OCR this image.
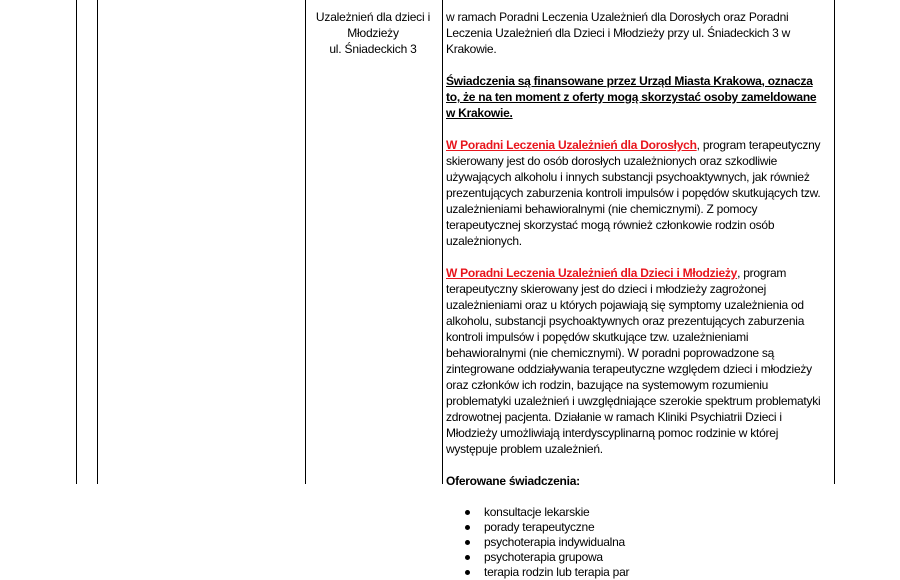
Uzależnień dla dzieci i
Młodzieży
ul. Śniadeckich 3

w ramach Poradni Leczenia Uzależnień dla Dorosłych oraz Poradni Leczenia Uzależnień dla Dzieci i Młodzieży przy ul. Śniadeckich 3 w Krakowie.

Świadczenia są finansowane przez Urząd Miasta Krakowa, oznacza to, że na ten moment z oferty mogą skorzystać osoby zameldowane w Krakowie.

W Poradni Leczenia Uzależnień dla Dorosłych, program terapeutyczny skierowany jest do osób dorosłych uzależnionych oraz szkodliwie używających alkoholu i innych substancji psychoaktywnych, jak również prezentujących zaburzenia kontroli impulsów i popędów skutkujących tzw. uzależnieniami behawioralnymi (nie chemicznymi). Z pomocy terapeutycznej skorzystać mogą również członkowie rodzin osób uzależnionych.

W Poradni Leczenia Uzależnień dla Dzieci i Młodzieży, program terapeutyczny skierowany jest do dzieci i młodzieży zagrożonej uzależnieniami oraz u których pojawiają się symptomy uzależnienia od alkoholu, substancji psychoaktywnych oraz prezentujących zaburzenia kontroli impulsów i popędów skutkujące tzw. uzależnieniami behawioralnymi (nie chemicznymi). W poradni poprowadzone są zintegrowane oddziaływania terapeutyczne względem dzieci i młodzieży oraz członków ich rodzin, bazujące na systemowym rozumieniu problematyki uzależnień i uwzględniające szerokie spektrum problematyki zdrowotnej pacjenta. Działanie w ramach Kliniki Psychiatrii Dzieci i Młodzieży umożliwiają interdyscyplinarną pomoc rodzinie w której występuje problem uzależnień.

Oferowane świadczenia:

konsultacje lekarskie
porady terapeutyczne
psychoterapia indywidualna
psychoterapia grupowa
terapia rodzin lub terapia par
